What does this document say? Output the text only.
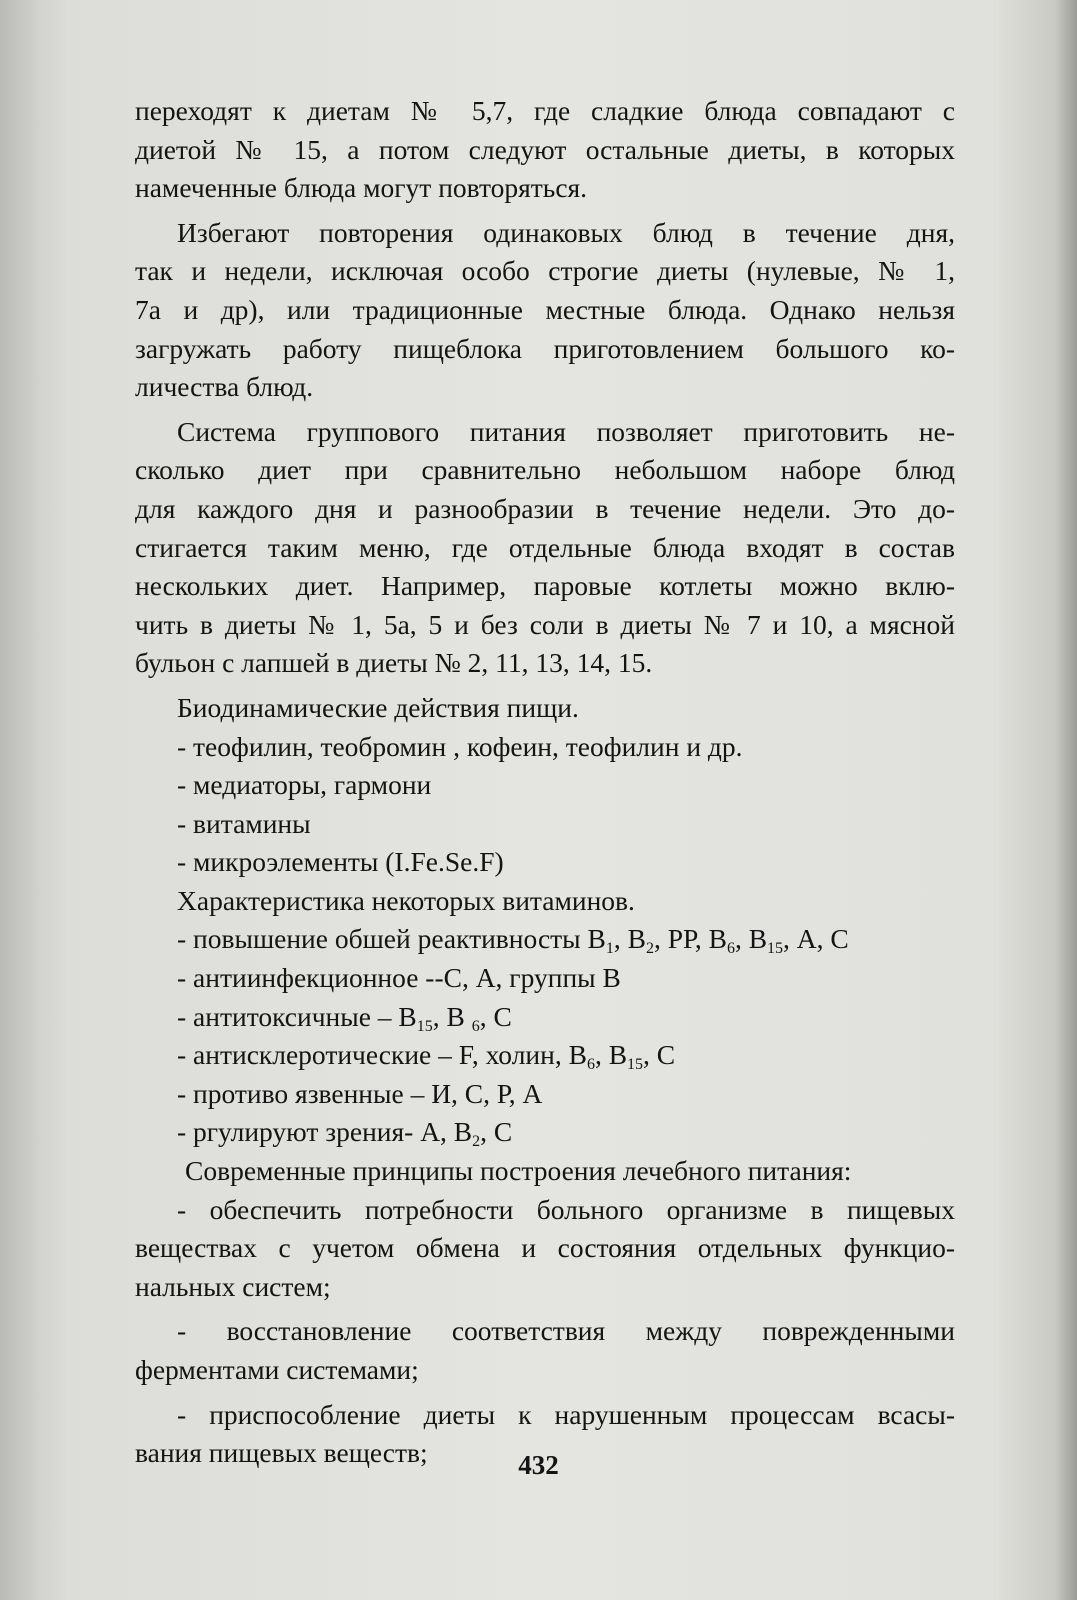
переходят к диетам № 5,7, где сладкие блюда совпадают с
диетой № 15, а потом следуют остальные диеты, в которых
намеченные блюда могут повторяться.
Избегают повторения одинаковых блюд в течение дня,
так и недели, исключая особо строгие диеты (нулевые, № 1,
7а и др), или традиционные местные блюда. Однако нельзя
загружать работу пищеблока приготовлением большого ко-
личества блюд.
Система группового питания позволяет приготовить не-
сколько диет при сравнительно небольшом наборе блюд
для каждого дня и разнообразии в течение недели. Это до-
стигается таким меню, где отдельные блюда входят в состав
нескольких диет. Например, паровые котлеты можно вклю-
чить в диеты № 1, 5а, 5 и без соли в диеты № 7 и 10, а мясной
бульон с лапшей в диеты № 2, 11, 13, 14, 15.
Биодинамические действия пищи.
- теофилин, теобромин , кофеин, теофилин и др.
- медиаторы, гармони
- витамины
- микроэлементы (I.Fe.Se.F)
Характеристика некоторых витаминов.
- повышение обшей реактивносты $В_1$, $В_2$, РР, $В_6$, $В_{15}$, А, С
- антиинфекционное --С, А, группы В
- антитоксичные – $В_{15}$, В $_6$, С
- антисклеротические – F, холин, $В_6$, $В_{15}$, С
- противо язвенные – И, С, Р, А
- ргулируют зрения- А, $В_2$, С
Современные принципы построения лечебного питания:
- обеспечить потребности больного организме в пищевых
веществах с учетом обмена и состояния отдельных функцио-
нальных систем;
- восстановление соответствия между поврежденными
ферментами системами;
- приспособление диеты к нарушенным процессам всасы-
вания пищевых веществ;	432
